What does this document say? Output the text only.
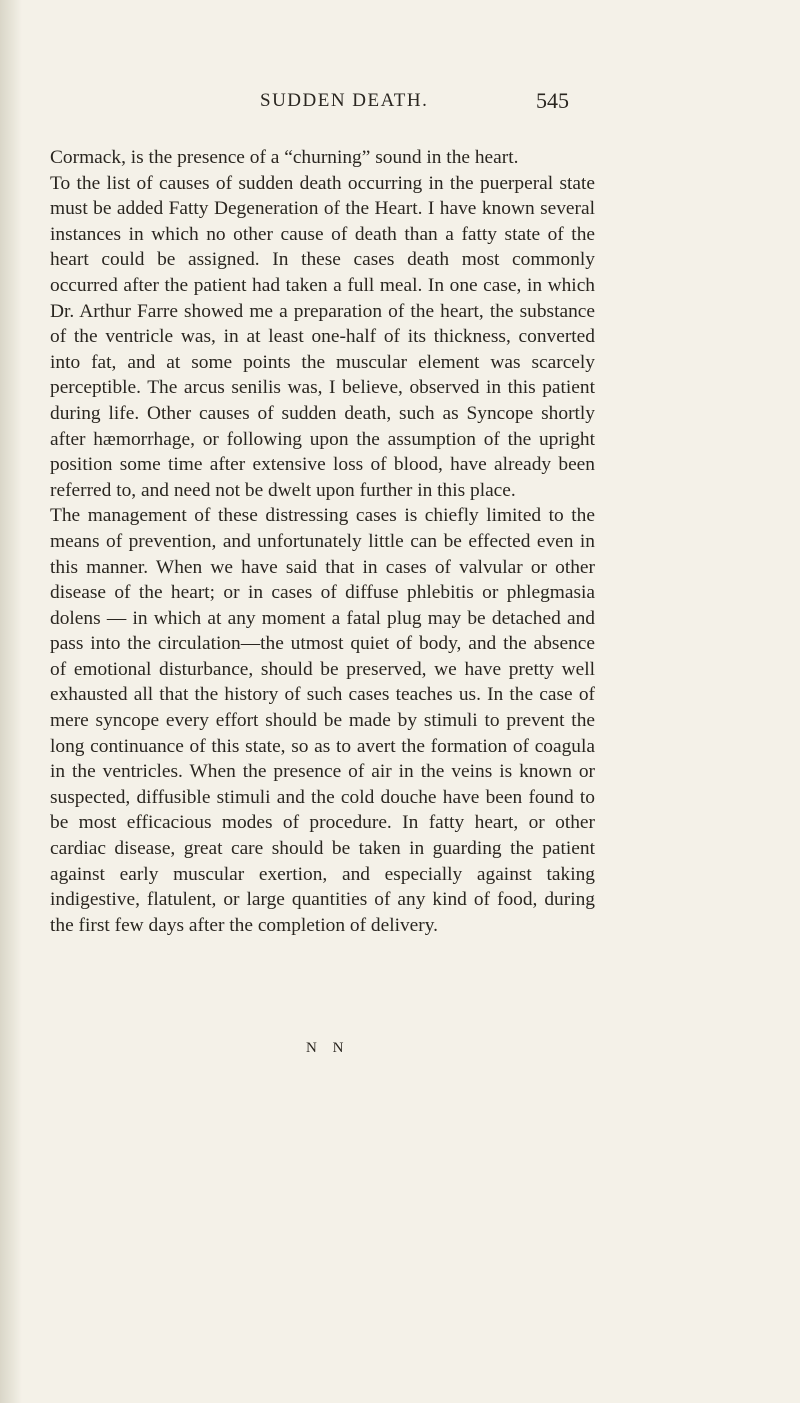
SUDDEN DEATH.	545

Cormack, is the presence of a “churning” sound in the heart.

To the list of causes of sudden death occurring in the puerperal state must be added Fatty Degeneration of the Heart. I have known several instances in which no other cause of death than a fatty state of the heart could be assigned. In these cases death most commonly occurred after the patient had taken a full meal. In one case, in which Dr. Arthur Farre showed me a preparation of the heart, the substance of the ventricle was, in at least one-half of its thickness, converted into fat, and at some points the muscular element was scarcely perceptible. The arcus senilis was, I believe, observed in this patient during life. Other causes of sudden death, such as Syncope shortly after hæmorrhage, or following upon the assumption of the upright position some time after extensive loss of blood, have already been referred to, and need not be dwelt upon further in this place.

The management of these distressing cases is chiefly limited to the means of prevention, and unfortunately little can be effected even in this manner. When we have said that in cases of valvular or other disease of the heart; or in cases of diffuse phlebitis or phlegmasia dolens — in which at any moment a fatal plug may be detached and pass into the circulation—the utmost quiet of body, and the absence of emotional disturbance, should be preserved, we have pretty well exhausted all that the history of such cases teaches us. In the case of mere syncope every effort should be made by stimuli to prevent the long continuance of this state, so as to avert the formation of coagula in the ventricles. When the presence of air in the veins is known or suspected, diffusible stimuli and the cold douche have been found to be most efficacious modes of procedure. In fatty heart, or other cardiac disease, great care should be taken in guarding the patient against early muscular exertion, and especially against taking indigestive, flatulent, or large quantities of any kind of food, during the first few days after the completion of delivery.

N N
